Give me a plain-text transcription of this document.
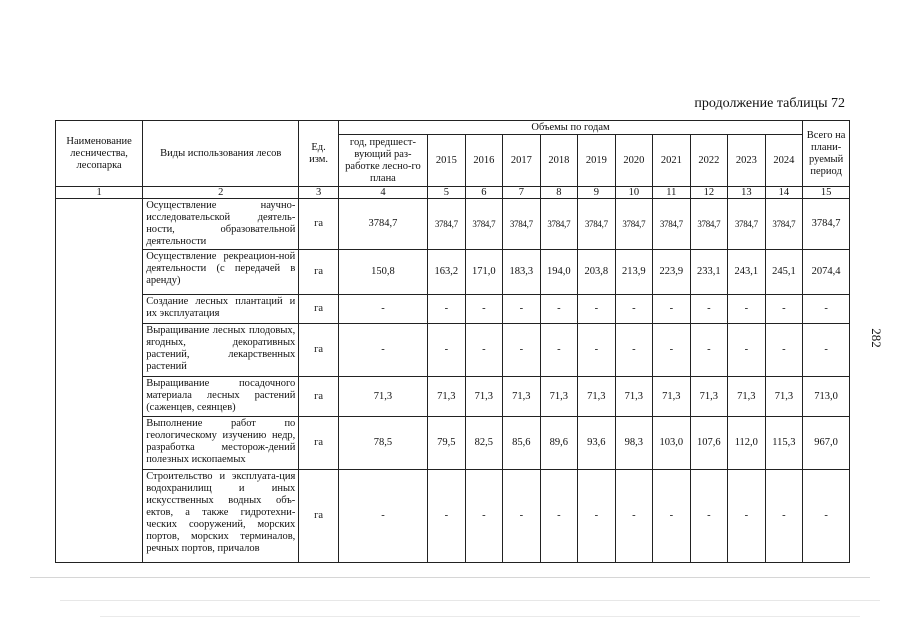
продолжение таблицы 72
282
Наименование лесничества, лесопарка	Виды использования лесов	Ед. изм.	Объемы по годам											Всего на плани-руемый период
			год, предшест-вующий раз-работке лесно-го плана	2015	2016	2017	2018	2019	2020	2021	2022	2023	2024	
1	2	3	4	5	6	7	8	9	10	11	12	13	14	15
	Осуществление научно-исследовательской деятель-ности, образовательной деятельности	га	3784,7	3784,7	3784,7	3784,7	3784,7	3784,7	3784,7	3784,7	3784,7	3784,7	3784,7	3784,7
	Осуществление рекреацион-ной деятельности (с передачей в аренду)	га	150,8	163,2	171,0	183,3	194,0	203,8	213,9	223,9	233,1	243,1	245,1	2074,4
	Создание лесных плантаций и их эксплуатация	га	-	-	-	-	-	-	-	-	-	-	-	-
	Выращивание лесных плодовых, ягодных, декоративных растений, лекарственных растений	га	-	-	-	-	-	-	-	-	-	-	-	-
	Выращивание посадочного материала лесных растений (саженцев, сеянцев)	га	71,3	71,3	71,3	71,3	71,3	71,3	71,3	71,3	71,3	71,3	71,3	713,0
	Выполнение работ по геологическому изучению недр, разработка месторож-дений полезных ископаемых	га	78,5	79,5	82,5	85,6	89,6	93,6	98,3	103,0	107,6	112,0	115,3	967,0
	Строительство и эксплуата-ция водохранилищ и иных искусственных водных объ-ектов, а также гидротехни-ческих сооружений, морских портов, морских терминалов, речных портов, причалов	га	-	-	-	-	-	-	-	-	-	-	-	-
